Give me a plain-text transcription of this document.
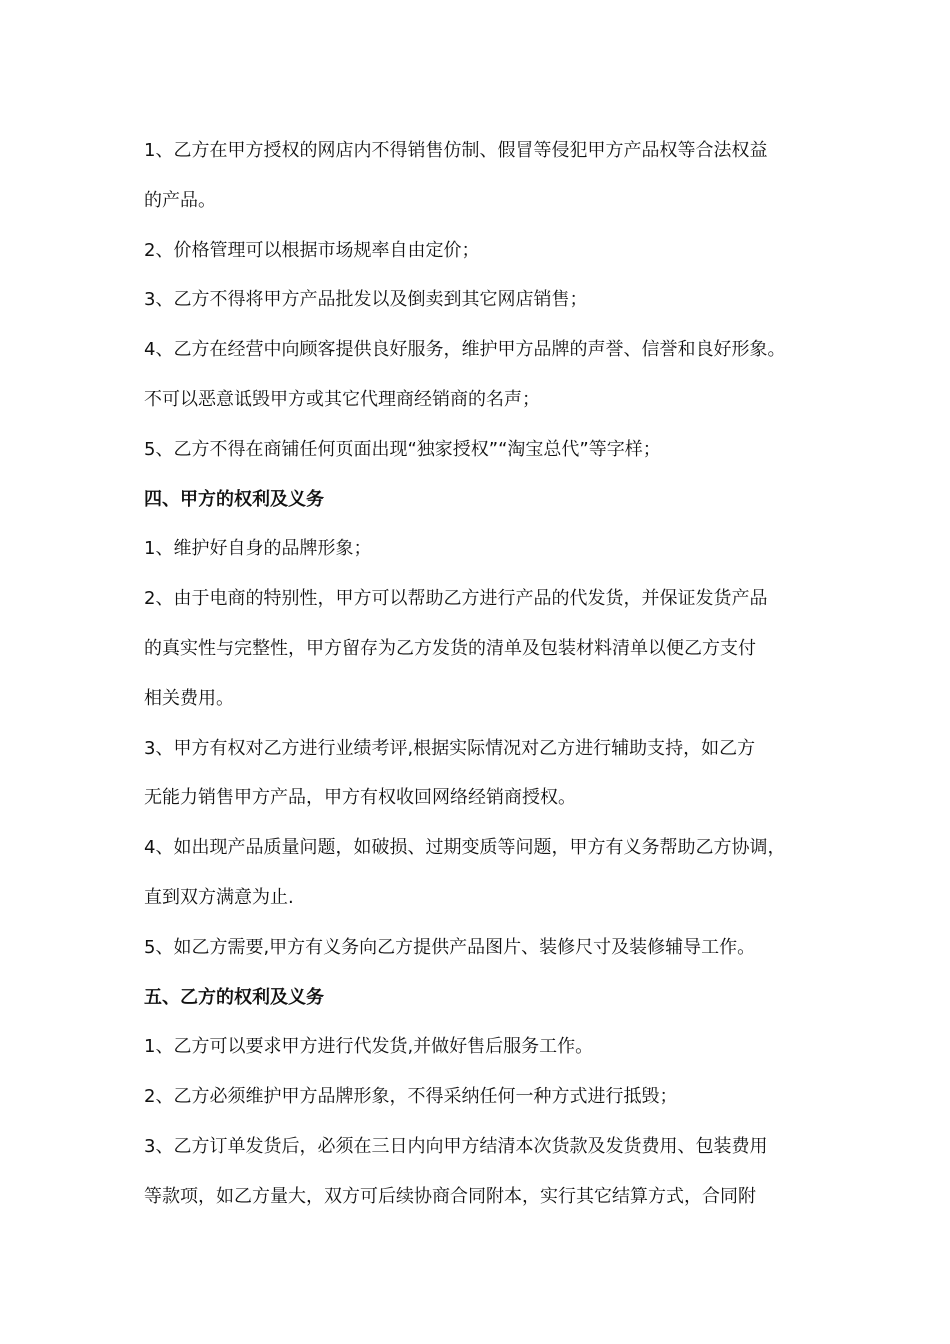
1、乙方在甲方授权的网店内不得销售仿制、假冒等侵犯甲方产品权等合法权益
的产品。
2、价格管理可以根据市场规率自由定价；
3、乙方不得将甲方产品批发以及倒卖到其它网店销售；
4、乙方在经营中向顾客提供良好服务，维护甲方品牌的声誉、信誉和良好形象。
不可以恶意诋毁甲方或其它代理商经销商的名声；
5、乙方不得在商铺任何页面出现“独家授权”“淘宝总代”等字样；
四、甲方的权利及义务
1、维护好自身的品牌形象；
2、由于电商的特别性，甲方可以帮助乙方进行产品的代发货，并保证发货产品
的真实性与完整性，甲方留存为乙方发货的清单及包装材料清单以便乙方支付
相关费用。
3、甲方有权对乙方进行业绩考评,根据实际情况对乙方进行辅助支持，如乙方
无能力销售甲方产品，甲方有权收回网络经销商授权。
4、如出现产品质量问题，如破损、过期变质等问题，甲方有义务帮助乙方协调，
直到双方满意为止.
5、如乙方需要,甲方有义务向乙方提供产品图片、装修尺寸及装修辅导工作。
五、乙方的权利及义务
1、乙方可以要求甲方进行代发货,并做好售后服务工作。
2、乙方必须维护甲方品牌形象，不得采纳任何一种方式进行抵毁；
3、乙方订单发货后，必须在三日内向甲方结清本次货款及发货费用、包装费用
等款项，如乙方量大，双方可后续协商合同附本，实行其它结算方式，合同附
